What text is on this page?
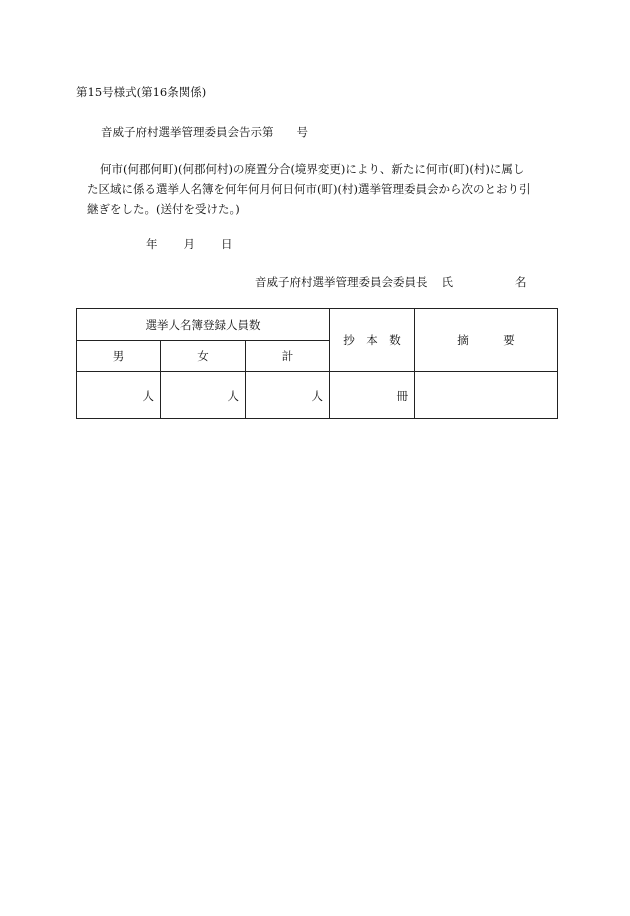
第15号様式(第16条関係)
音威子府村選挙管理委員会告示第　　号
何市(何郡何町)(何郡何村)の廃置分合(境界変更)により、新たに何市(町)(村)に属し
た区域に係る選挙人名簿を何年何月何日何市(町)(村)選挙管理委員会から次のとおり引
継ぎをした。(送付を受けた。)
年 月 日
音威子府村選挙管理委員会委員長 氏	名
選挙人名簿登録人員数			抄　本　数	摘　　　要
男	女	計		

人	人	人	冊	
